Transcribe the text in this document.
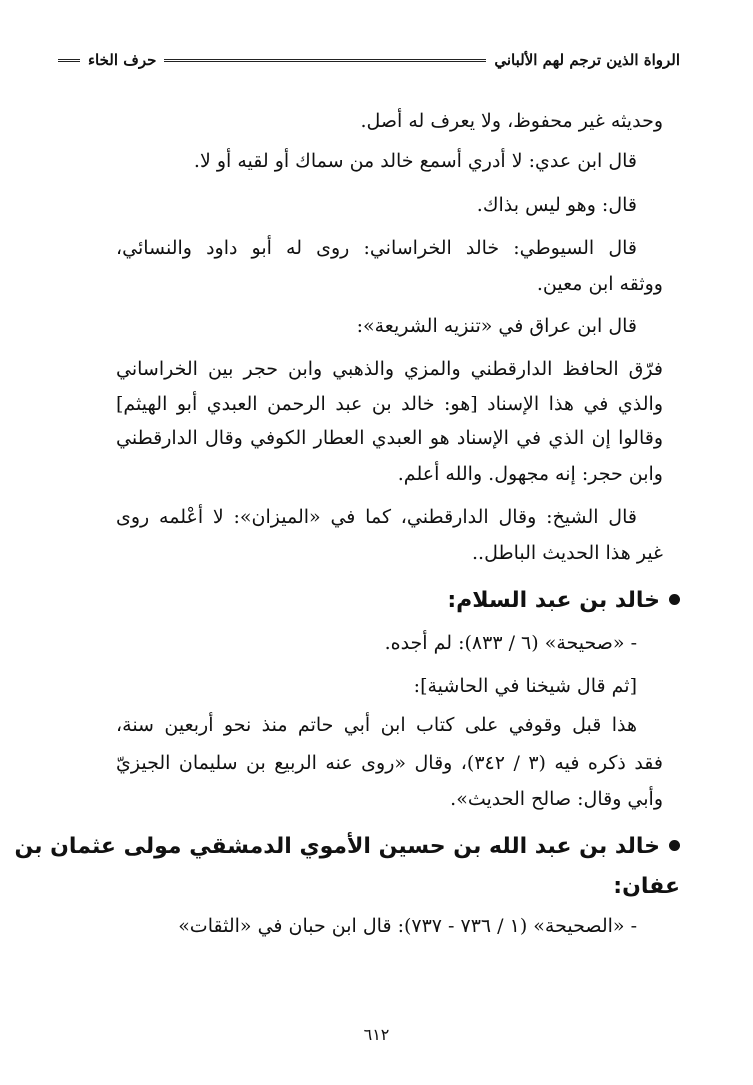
الرواة الذين ترجم لهم الألباني
حرف الخاء
وحديثه غير محفوظ، ولا يعرف له أصل.
قال ابن عدي: لا أدري أسمع خالد من سماك أو لقيه أو لا.
قال: وهو ليس بذاك.
قال السيوطي: خالد الخراساني: روى له أبو داود والنسائي،
ووثقه ابن معين.
قال ابن عراق في «تنزيه الشريعة»:
فرّق الحافظ الدارقطني والمزي والذهبي وابن حجر بين الخراساني
والذي في هذا الإسناد [هو: خالد بن عبد الرحمن العبدي أبو الهيثم]
وقالوا إن الذي في الإسناد هو العبدي العطار الكوفي وقال الدارقطني
وابن حجر: إنه مجهول. والله أعلم.
قال الشيخ: وقال الدارقطني، كما في «الميزان»: لا أعْلمه روى
غير هذا الحديث الباطل..
خالد بن عبد السلام:
- «صحيحة» (٦ / ٨٣٣): لم أجده.
[ثم قال شيخنا في الحاشية]:
هذا قبل وقوفي على كتاب ابن أبي حاتم منذ نحو أربعين سنة،
فقد ذكره فيه (٣ / ٣٤٢)، وقال «روى عنه الربيع بن سليمان الجيزيّ
وأبي وقال: صالح الحديث».
خالد بن عبد الله بن حسين الأموي الدمشقي مولى عثمان بن
عفان:
- «الصحيحة» (١ / ٧٣٦ - ٧٣٧): قال ابن حبان في «الثقات»
٦١٢
